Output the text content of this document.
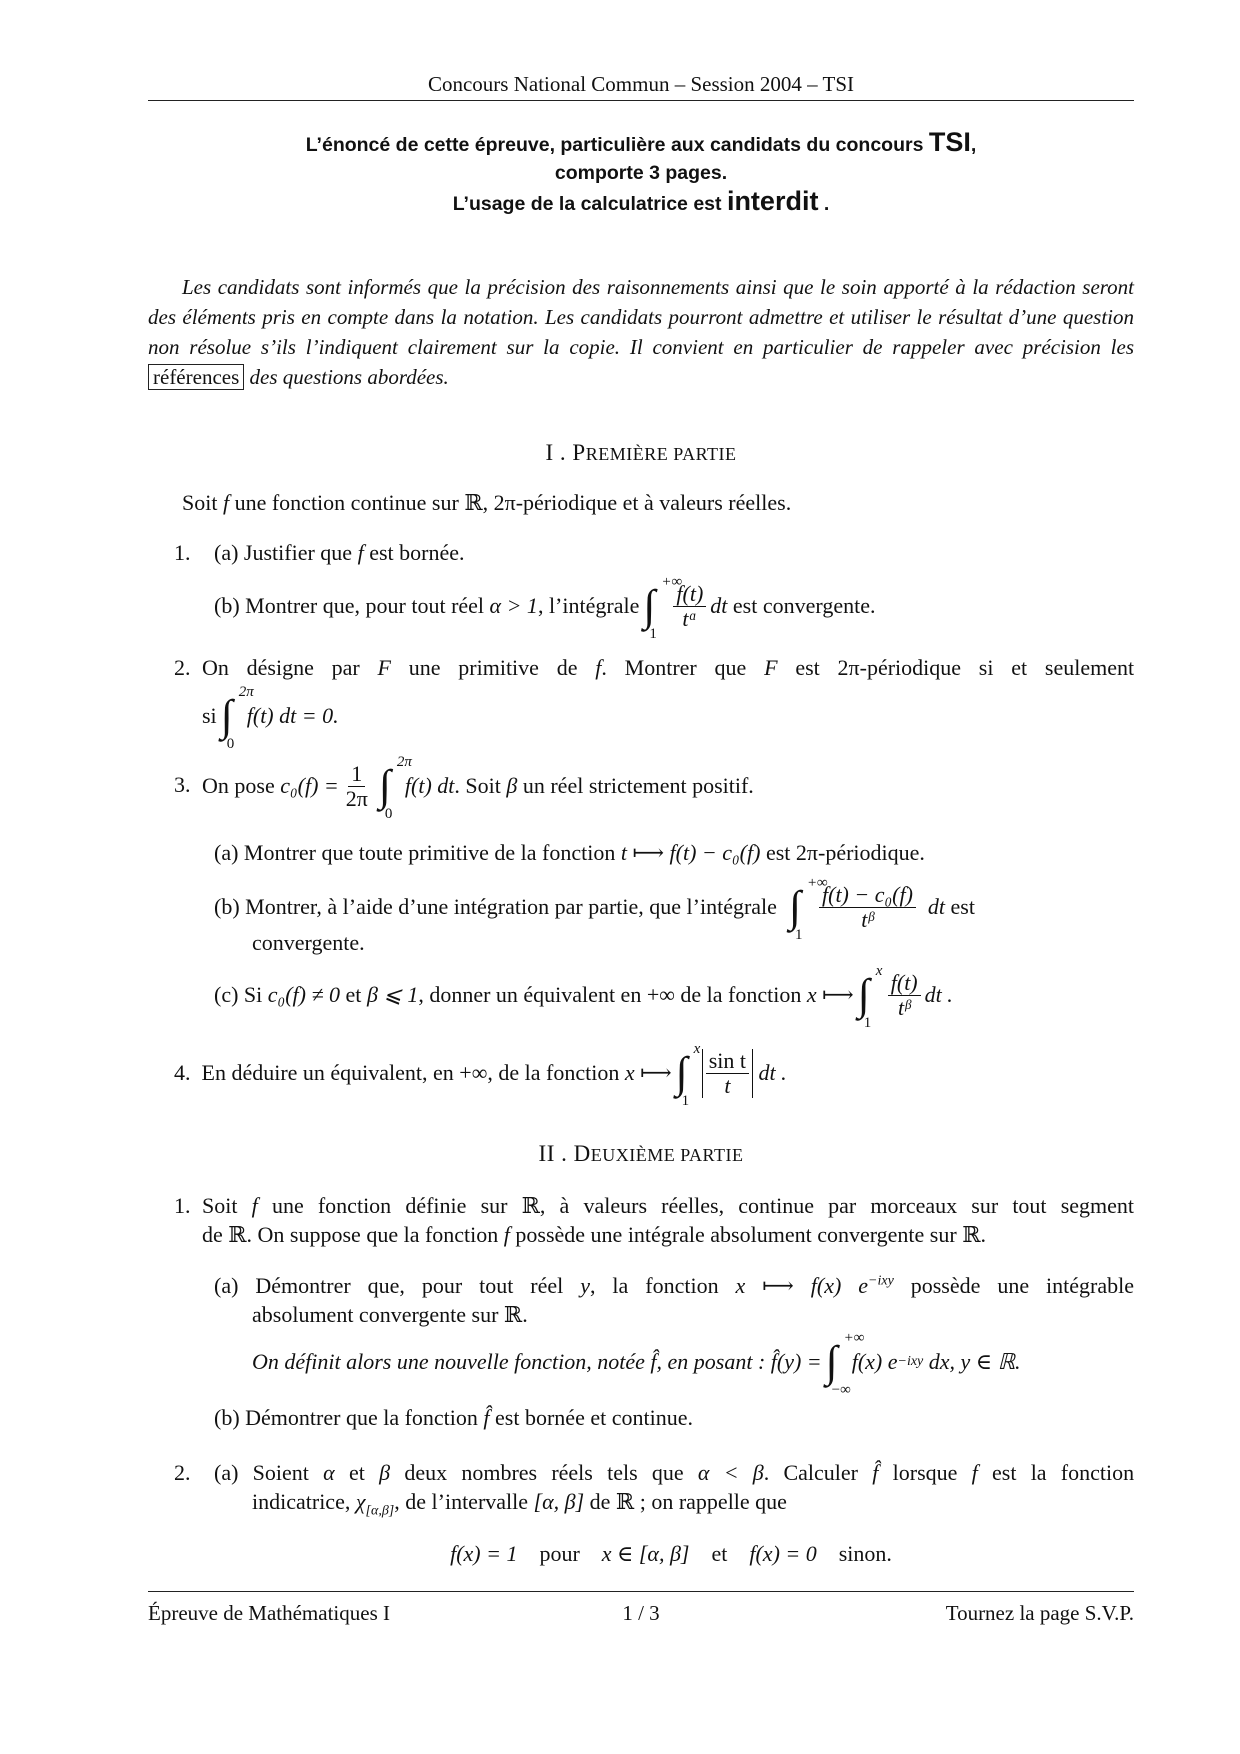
Concours National Commun – Session 2004 – TSI
L’énoncé de cette épreuve, particulière aux candidats du concours TSI,
comporte 3 pages.
L’usage de la calculatrice est interdit .
Les candidats sont informés que la précision des raisonnements ainsi que le soin apporté à la rédaction seront des éléments pris en compte dans la notation. Les candidats pourront admettre et utiliser le résultat d’une question non résolue s’ils l’indiquent clairement sur la copie. Il convient en particulier de rappeler avec précision les références des questions abordées.
I . PREMIÈRE PARTIE
Soit f une fonction continue sur ℝ, 2π-périodique et à valeurs réelles.
1. (a) Justifier que f est bornée.
(b)
Montrer que, pour tout réel
α > 1 , l’intégrale ∫ +∞
1
$\frac{f(t)}{\text{tᵅ}}$ dt
est convergente.
2. On désigne par F une primitive de f. Montrer que F est 2π-périodique si et seulement
si ∫ 2π
0
f(t) dt = 0.
3. On pose
$c_0(f) = \frac{1}{2\pi}$ ∫ 2π
0
f(t) dt . Soit
β
un réel strictement positif.
(a) Montrer que toute primitive de la fonction t ⟼ f(t) − c₀(f) est 2π-périodique.
(b)
Montrer, à l’aide d’une intégration par partie, que l’intégrale ∫ +∞
1
$\frac{\text{f(t) − c₀(f)}}{\text{tᵝ}}$ dt
est
convergente.
(c)
Si
c₀(f) ≠ 0
et
β ⩽ 1 , donner un équivalent en +∞ de la fonction
x ⟼ ∫ x
1
$\frac{f(t)}{\text{tᵝ}}$ dt .
4.
En déduire un équivalent, en +∞, de la fonction
x ⟼ ∫ x
1
$\frac{\text{sin t}}{t}$
dt .
II . DEUXIÈME PARTIE
1. Soit f une fonction définie sur ℝ, à valeurs réelles, continue par morceaux sur tout segment
de ℝ. On suppose que la fonction f possède une intégrale absolument convergente sur ℝ.
(a) Démontrer que, pour tout réel y, la fonction x ⟼ f(x) $e^{-ixy}$ possède une intégrable
absolument convergente sur ℝ.
On définit alors une nouvelle fonction, notée
f̂ , en posant :
f̂(y) = ∫ +∞
−∞
f(x) e −ixy
dx, y ∈ ℝ.
(b) Démontrer que la fonction f̂ est bornée et continue.
2. (a) Soient α et β deux nombres réels tels que α < β. Calculer f̂ lorsque f est la fonction
indicatrice, $\chi_{[\alpha,\beta]}$, de l’intervalle [α, β] de ℝ ; on rappelle que
f(x) = 1 pour x ∈ [α, β] et f(x) = 0 sinon.
Épreuve de Mathématiques I	1 / 3	Tournez la page S.V.P.
